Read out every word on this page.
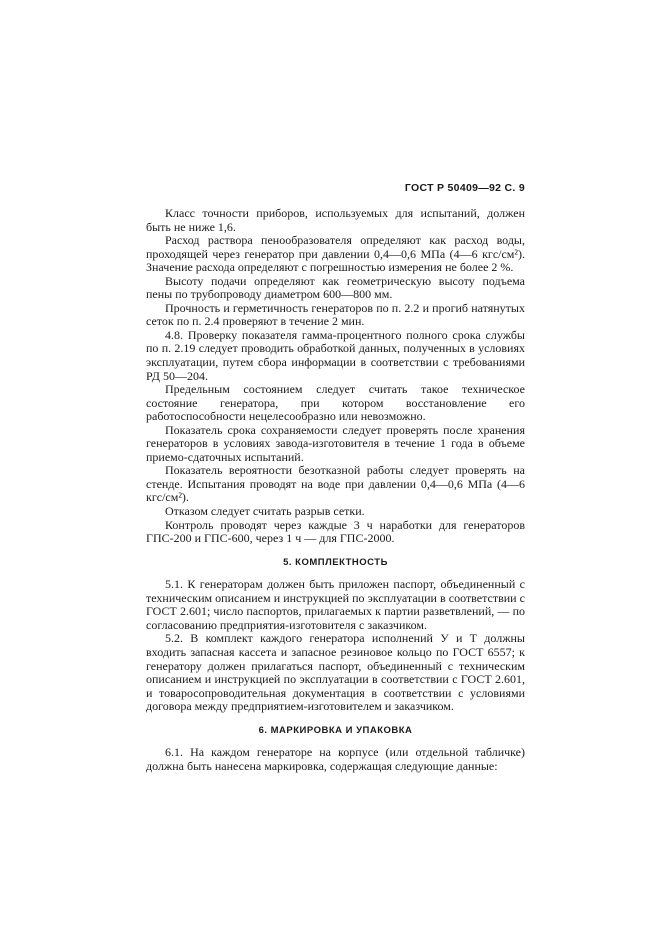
ГОСТ Р 50409—92 С. 9

Класс точности приборов, используемых для испытаний, должен быть не ниже 1,6.

Расход раствора пенообразователя определяют как расход воды, проходящей через генератор при давлении 0,4—0,6 МПа (4—6 кгс/см²). Значение расхода определяют с погрешностью измерения не более 2 %.

Высоту подачи определяют как геометрическую высоту подъема пены по трубопроводу диаметром 600—800 мм.

Прочность и герметичность генераторов по п. 2.2 и прогиб натянутых сеток по п. 2.4 проверяют в течение 2 мин.

4.8. Проверку показателя гамма-процентного полного срока службы по п. 2.19 следует проводить обработкой данных, полученных в условиях эксплуатации, путем сбора информации в соответствии с требованиями РД 50—204.

Предельным состоянием следует считать такое техническое состояние генератора, при котором восстановление его работоспособности нецелесообразно или невозможно.

Показатель срока сохраняемости следует проверять после хранения генераторов в условиях завода-изготовителя в течение 1 года в объеме приемо-сдаточных испытаний.

Показатель вероятности безотказной работы следует проверять на стенде. Испытания проводят на воде при давлении 0,4—0,6 МПа (4—6 кгс/см²).

Отказом следует считать разрыв сетки.

Контроль проводят через каждые 3 ч наработки для генераторов ГПС-200 и ГПС-600, через 1 ч — для ГПС-2000.

5. КОМПЛЕКТНОСТЬ

5.1. К генераторам должен быть приложен паспорт, объединенный с техническим описанием и инструкцией по эксплуатации в соответствии с ГОСТ 2.601; число паспортов, прилагаемых к партии разветвлений, — по согласованию предприятия-изготовителя с заказчиком.

5.2. В комплект каждого генератора исполнений У и Т должны входить запасная кассета и запасное резиновое кольцо по ГОСТ 6557; к генератору должен прилагаться паспорт, объединенный с техническим описанием и инструкцией по эксплуатации в соответствии с ГОСТ 2.601, и товаросопроводительная документация в соответствии с условиями договора между предприятием-изготовителем и заказчиком.

6. МАРКИРОВКА И УПАКОВКА

6.1. На каждом генераторе на корпусе (или отдельной табличке) должна быть нанесена маркировка, содержащая следующие данные:
